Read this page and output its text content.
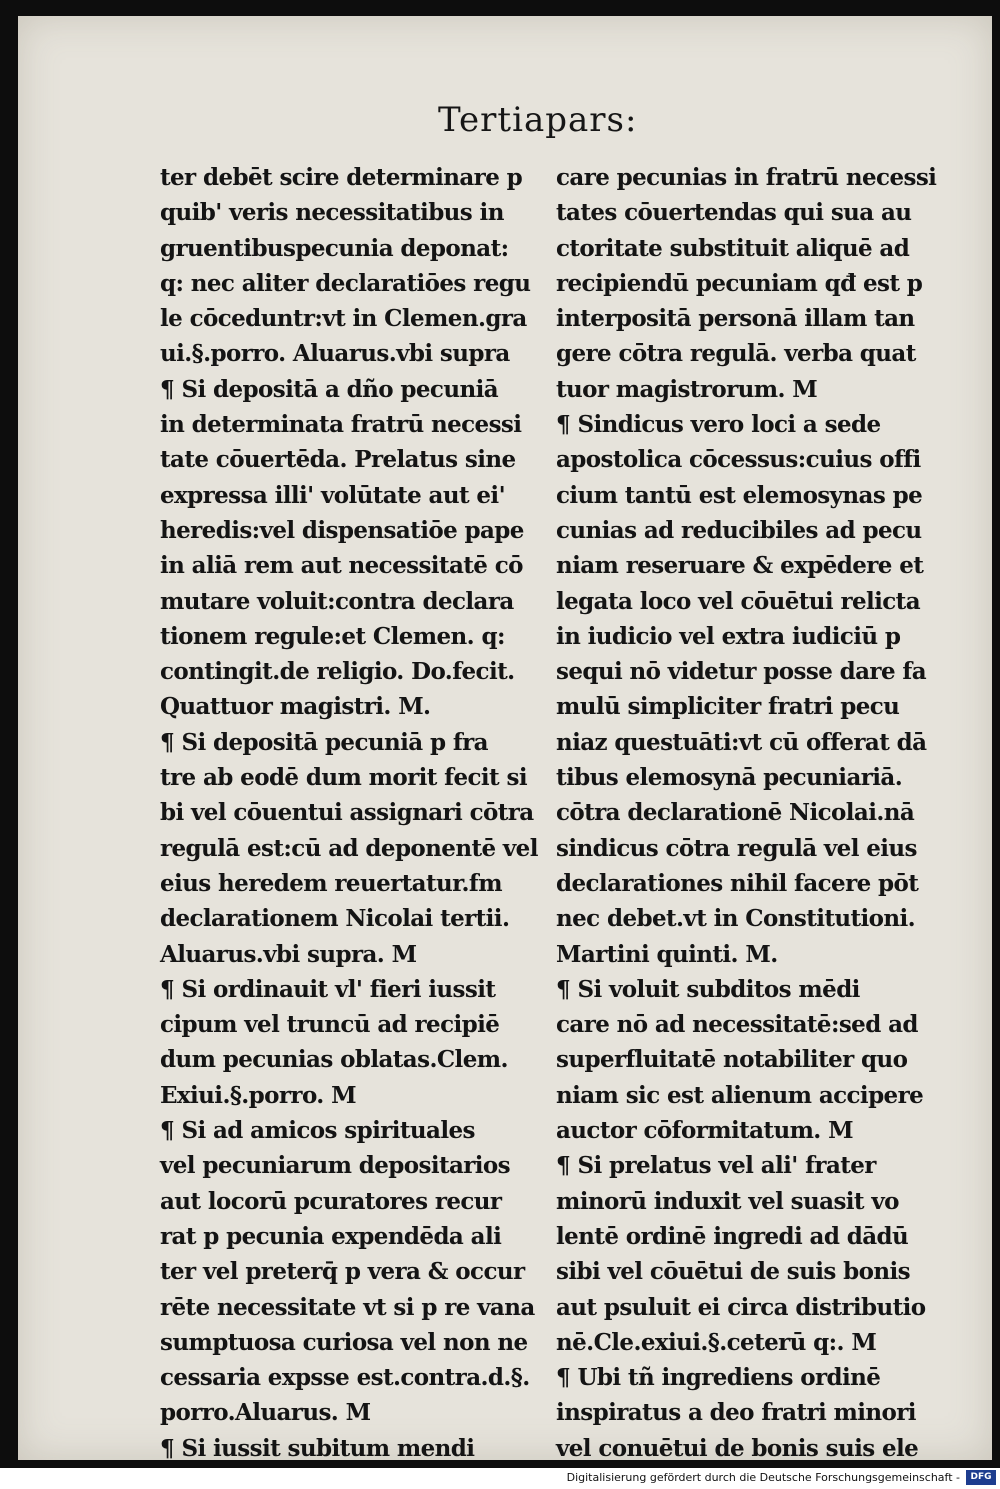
Tertiapars:
ter debēt scire determinare p
quib' veris necessitatibus in
gruentibuspecunia deponat:
q: nec aliter declaratiōes regu
le cōceduntr:vt in Clemen.gra
ui.§.porro. Aluarus.vbi supra
¶ Si depositā a dño pecuniā
in determinata fratrū necessi
tate cōuertēda. Prelatus sine
expressa illi' volūtate aut ei'
heredis:vel dispensatiōe pape
in aliā rem aut necessitatē cō
mutare voluit:contra declara
tionem regule:et Clemen. q:
contingit.de religio. Do.fecit.
Quattuor magistri. M.
¶ Si depositā pecuniā p fra
tre ab eodē dum morit fecit si
bi vel cōuentui assignari cōtra
regulā est:cū ad deponentē vel
eius heredem reuertatur.fm
declarationem Nicolai tertii.
Aluarus.vbi supra. M
¶ Si ordinauit vl' fieri iussit
cipum vel truncū ad recipiē
dum pecunias oblatas.Clem.
Exiui.§.porro. M
¶ Si ad amicos spirituales
vel pecuniarum depositarios
aut locorū pcuratores recur
rat p pecunia expendēda ali
ter vel preterq̄ p vera & occur
rēte necessitate vt si p re vana
sumptuosa curiosa vel non ne
cessaria expsse est.contra.d.§.
porro.Aluarus. M
¶ Si iussit subitum mendi
care pecunias in fratrū necessi
tates cōuertendas qui sua au
ctoritate substituit aliquē ad
recipiendū pecuniam qđ est p
interpositā personā illam tan
gere cōtra regulā. verba quat
tuor magistrorum. M
¶ Sindicus vero loci a sede
apostolica cōcessus:cuius offi
cium tantū est elemosynas pe
cunias ad reducibiles ad pecu
niam reseruare & expēdere et
legata loco vel cōuētui relicta
in iudicio vel extra iudiciū p
sequi nō videtur posse dare fa
mulū simpliciter fratri pecu
niaz questuāti:vt cū offerat dā
tibus elemosynā pecuniariā.
cōtra declarationē Nicolai.nā
sindicus cōtra regulā vel eius
declarationes nihil facere pōt
nec debet.vt in Constitutioni.
Martini quinti. M.
¶ Si voluit subditos mēdi
care nō ad necessitatē:sed ad
superfluitatē notabiliter quo
niam sic est alienum accipere
auctor cōformitatum. M
¶ Si prelatus vel ali' frater
minorū induxit vel suasit vo
lentē ordinē ingredi ad dādū
sibi vel cōuētui de suis bonis
aut psuluit ei circa distributio
nē.Cle.exiui.§.ceterū q:. M
¶ Ubi tñ ingrediens ordinē
inspiratus a deo fratri minori
vel conuētui de bonis suis ele
Digitalisierung gefördert durch die Deutsche Forschungsgemeinschaft -	DFG
